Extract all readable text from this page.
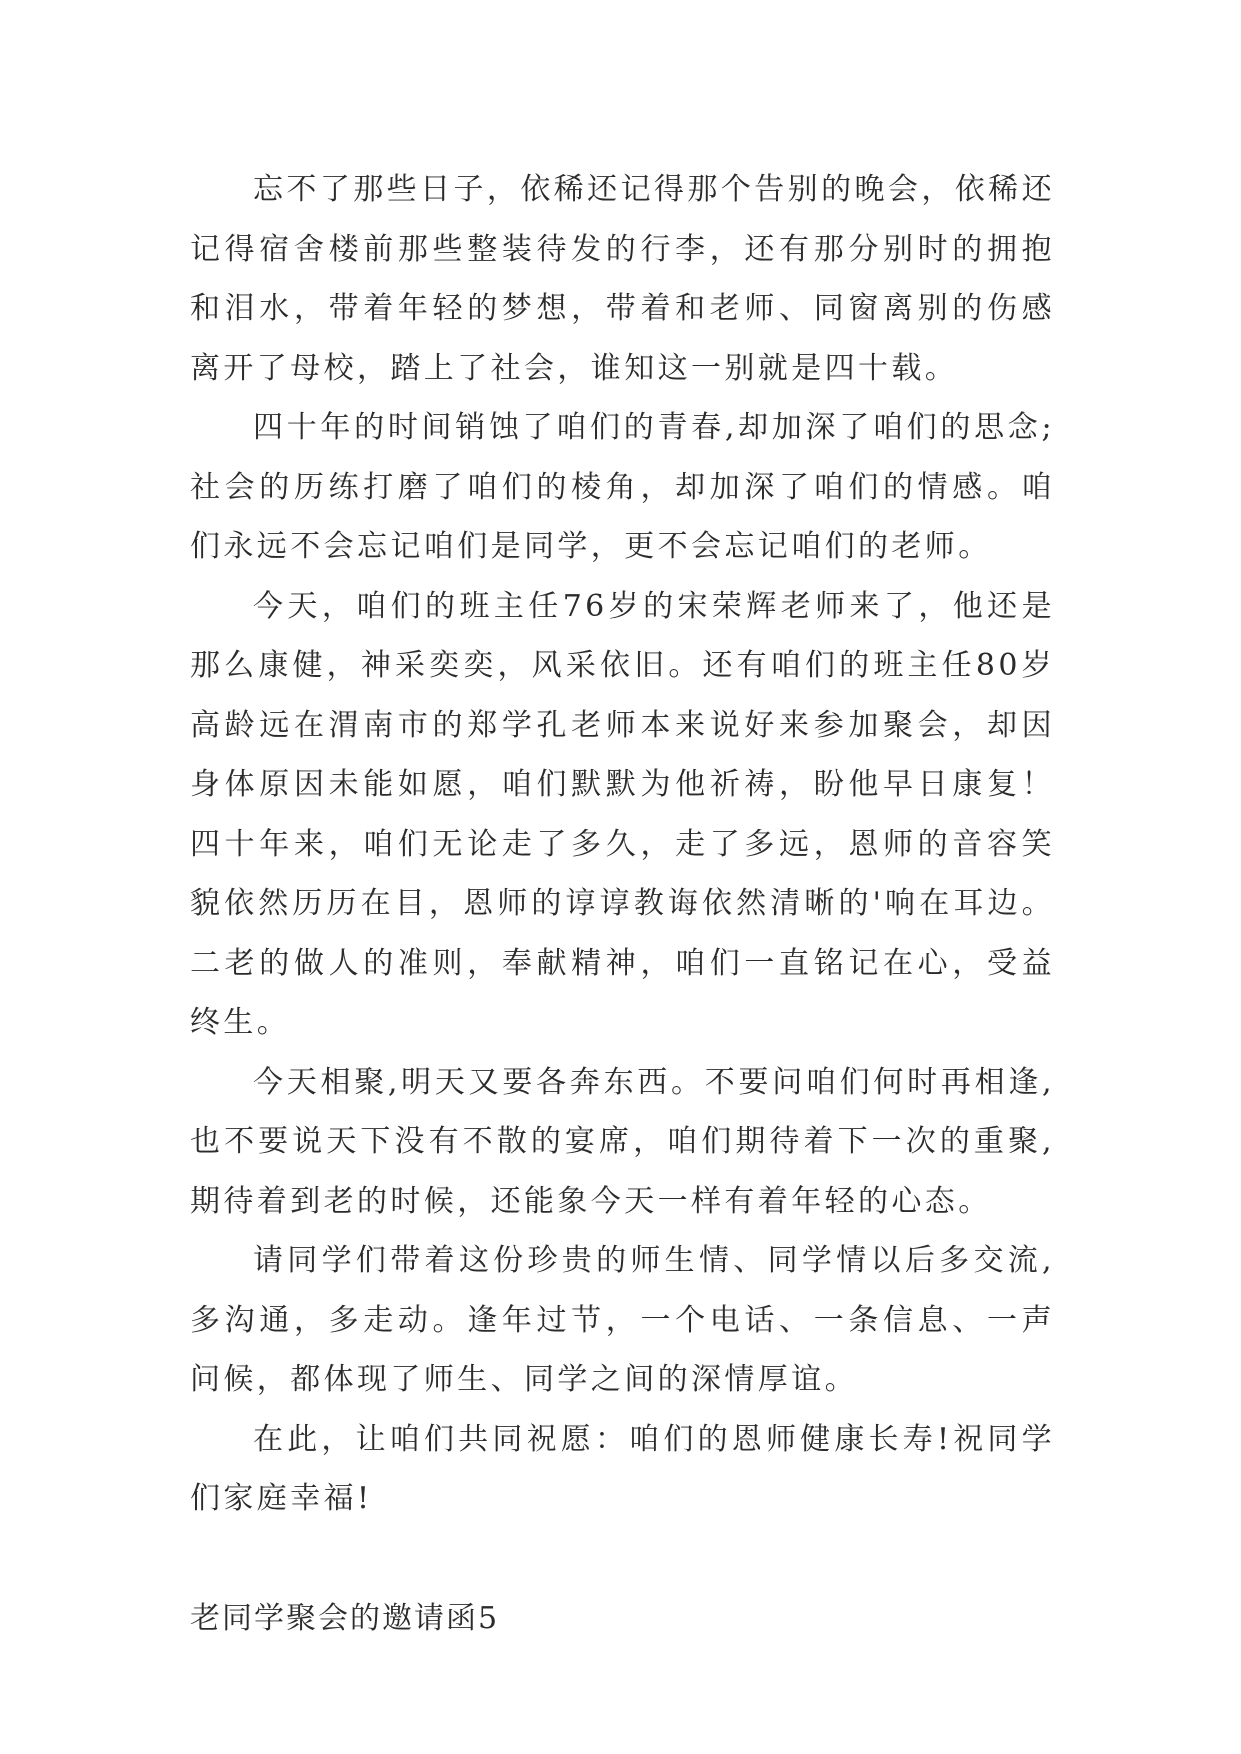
忘不了那些日子，依稀还记得那个告别的晚会，依稀还记得宿舍楼前那些整装待发的行李，还有那分别时的拥抱和泪水，带着年轻的梦想，带着和老师、同窗离别的伤感离开了母校，踏上了社会，谁知这一别就是四十载。

四十年的时间销蚀了咱们的青春,却加深了咱们的思念;社会的历练打磨了咱们的棱角，却加深了咱们的情感。咱们永远不会忘记咱们是同学，更不会忘记咱们的老师。

今天，咱们的班主任76岁的宋荣辉老师来了，他还是那么康健，神采奕奕，风采依旧。还有咱们的班主任80岁高龄远在渭南市的郑学孔老师本来说好来参加聚会，却因身体原因未能如愿，咱们默默为他祈祷，盼他早日康复！四十年来，咱们无论走了多久，走了多远，恩师的音容笑貌依然历历在目，恩师的谆谆教诲依然清晰的'响在耳边。二老的做人的准则，奉献精神，咱们一直铭记在心，受益终生。

今天相聚,明天又要各奔东西。不要问咱们何时再相逢,也不要说天下没有不散的宴席，咱们期待着下一次的重聚,期待着到老的时候，还能象今天一样有着年轻的心态。

请同学们带着这份珍贵的师生情、同学情以后多交流,多沟通，多走动。逢年过节，一个电话、一条信息、一声问候，都体现了师生、同学之间的深情厚谊。

在此，让咱们共同祝愿：咱们的恩师健康长寿!祝同学们家庭幸福!

老同学聚会的邀请函5
